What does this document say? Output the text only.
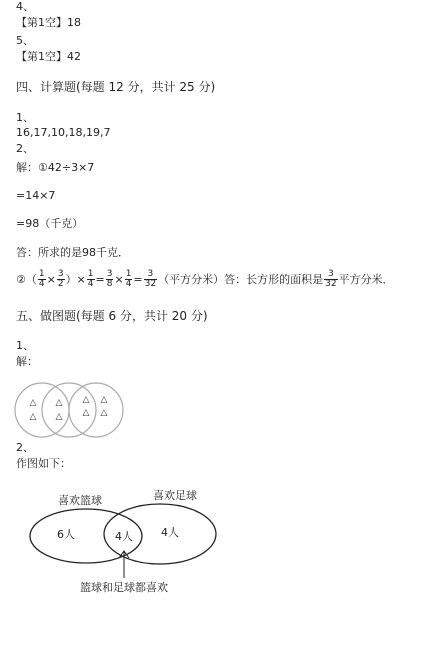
4、
【第1空】18
5、
【第1空】42
四、计算题(每题 12 分，共计 25 分)
1、
16,17,10,18,19,7
2、
解：①42÷3×7
=14×7
=98（千克）
答：所求的是98千克．
②（ $\frac{1}{4} \times \frac{3}{2}$ ）× $\frac{1}{4} = \frac{3}{8} \times \frac{1}{4} = \frac{3}{32}$ （平方分米）答：长方形的面积是 $\frac{3}{32}$ 平方分米．
五、做图题(每题 6 分，共计 20 分)
1、
解：
△
△
△
△
△
△
△
△
2、
作图如下：
喜欢篮球	喜欢足球
6人	4人	4人
篮球和足球都喜欢
